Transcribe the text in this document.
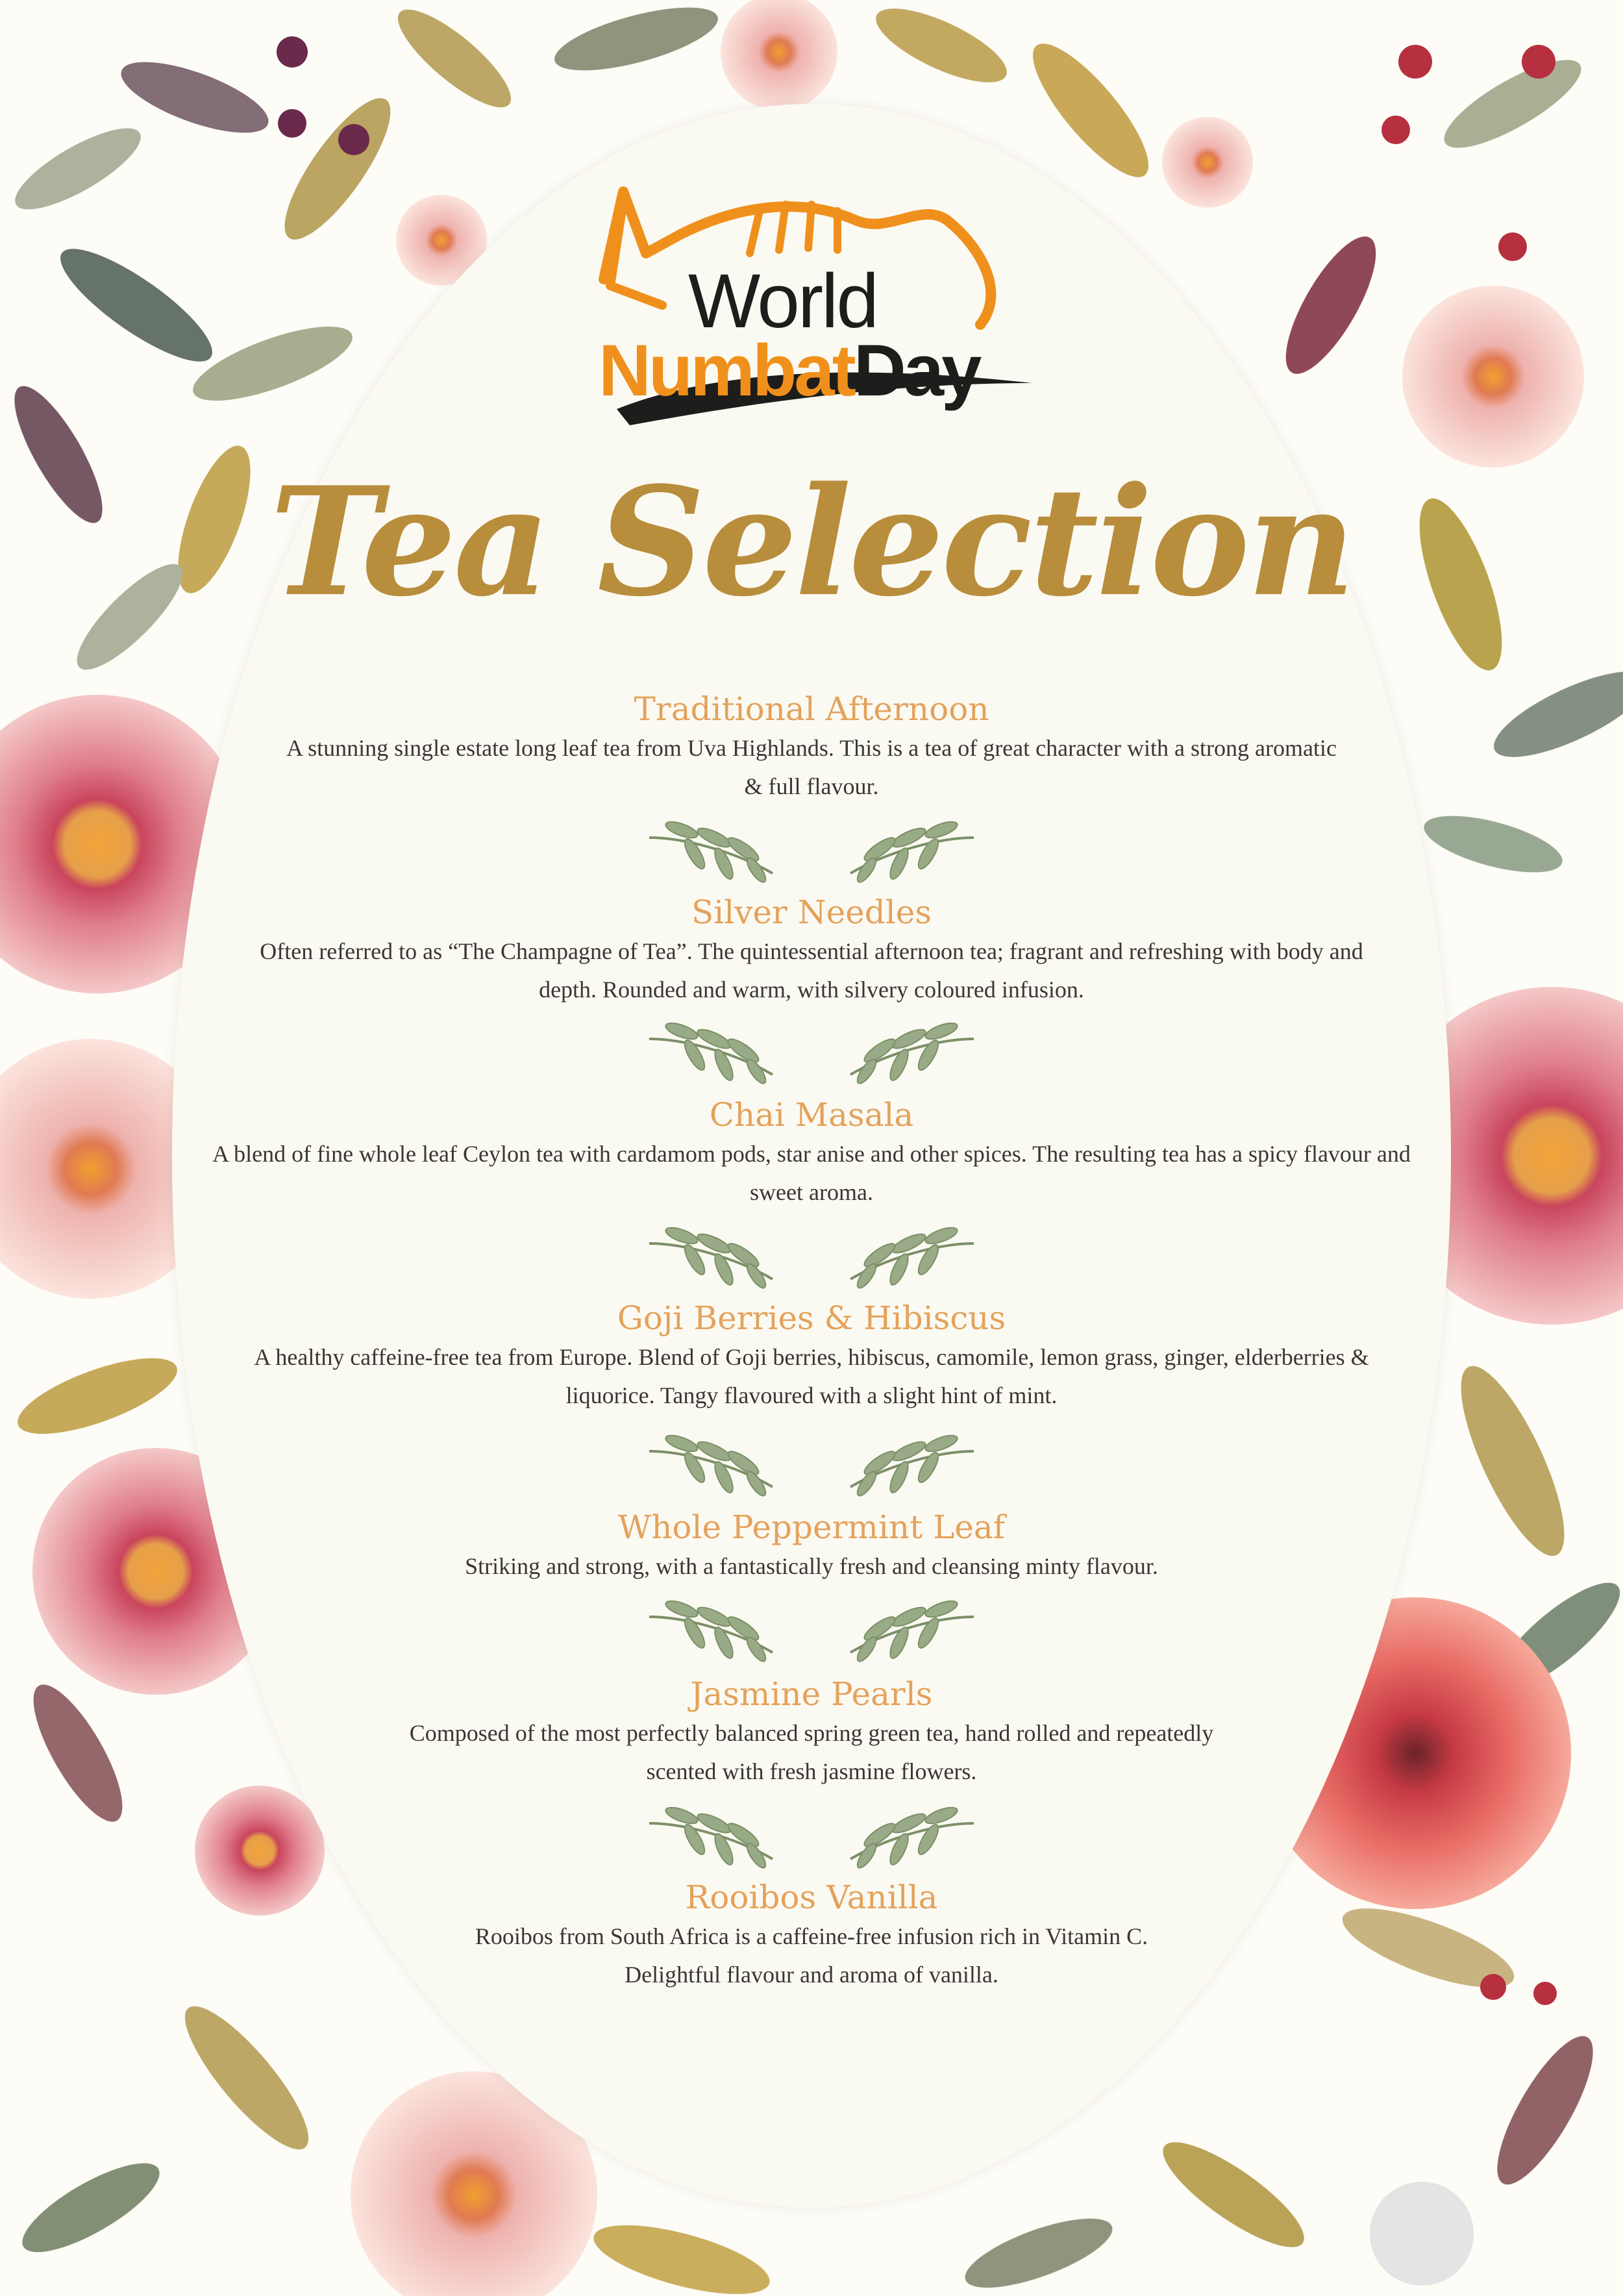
World
NumbatDay
Tea Selection
Traditional Afternoon
A stunning single estate long leaf tea from Uva Highlands. This is a tea of great character with a strong aromatic & full flavour.
Silver Needles
Often referred to as “The Champagne of Tea”. The quintessential afternoon tea; fragrant and refreshing with body and depth. Rounded and warm, with silvery coloured infusion.
Chai Masala
A blend of fine whole leaf Ceylon tea with cardamom pods, star anise and other spices. The resulting tea has a spicy flavour and sweet aroma.
Goji Berries & Hibiscus
A healthy caffeine-free tea from Europe. Blend of Goji berries, hibiscus, camomile, lemon grass, ginger, elderberries & liquorice. Tangy flavoured with a slight hint of mint.
Whole Peppermint Leaf
Striking and strong, with a fantastically fresh and cleansing minty flavour.
Jasmine Pearls
Composed of the most perfectly balanced spring green tea, hand rolled and repeatedly scented with fresh jasmine flowers.
Rooibos Vanilla
Rooibos from South Africa is a caffeine-free infusion rich in Vitamin C. Delightful flavour and aroma of vanilla.
